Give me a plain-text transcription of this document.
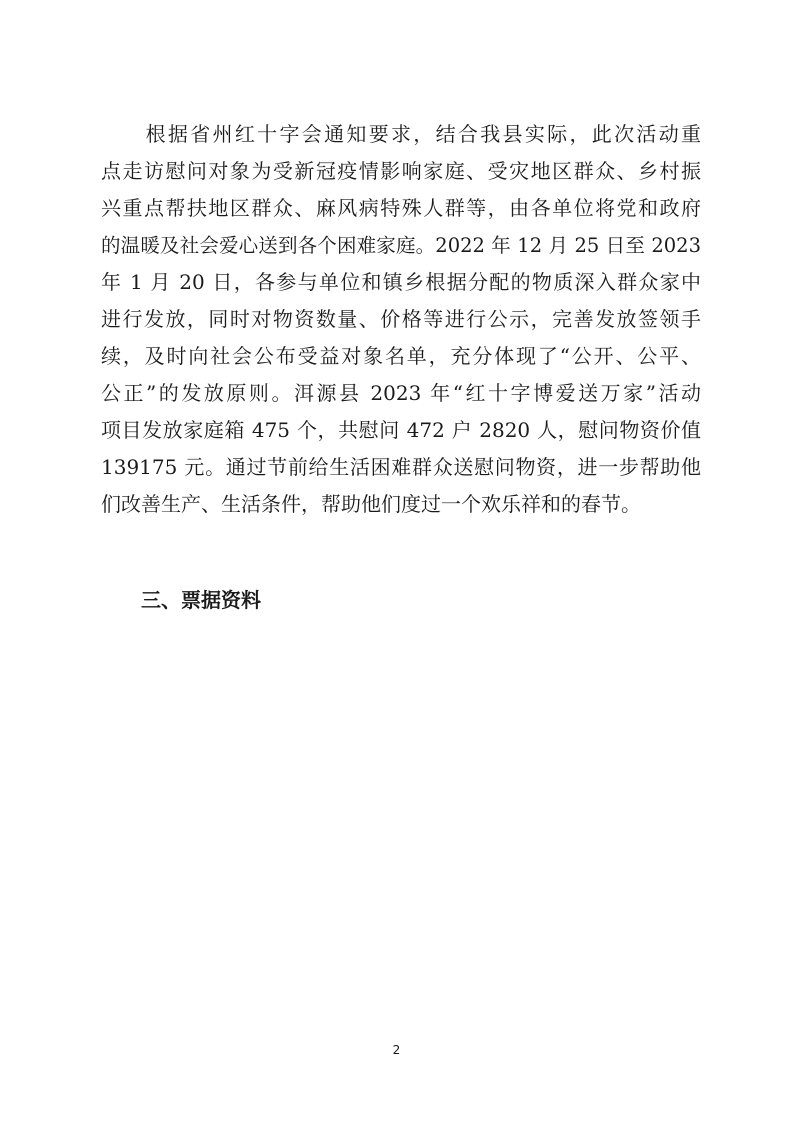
　　根据省州红十字会通知要求，结合我县实际，此次活动重
点走访慰问对象为受新冠疫情影响家庭、受灾地区群众、乡村振
兴重点帮扶地区群众、麻风病特殊人群等，由各单位将党和政府
的温暖及社会爱心送到各个困难家庭。2022 年 12 月 25 日至 2023
年 1 月 20 日，各参与单位和镇乡根据分配的物质深入群众家中
进行发放，同时对物资数量、价格等进行公示，完善发放签领手
续，及时向社会公布受益对象名单，充分体现了“公开、公平、
公正”的发放原则。洱源县 2023 年“红十字博爱送万家”活动
项目发放家庭箱 475 个，共慰问 472 户 2820 人，慰问物资价值
139175 元。通过节前给生活困难群众送慰问物资，进一步帮助他
们改善生产、生活条件，帮助他们度过一个欢乐祥和的春节。
三、票据资料
2
